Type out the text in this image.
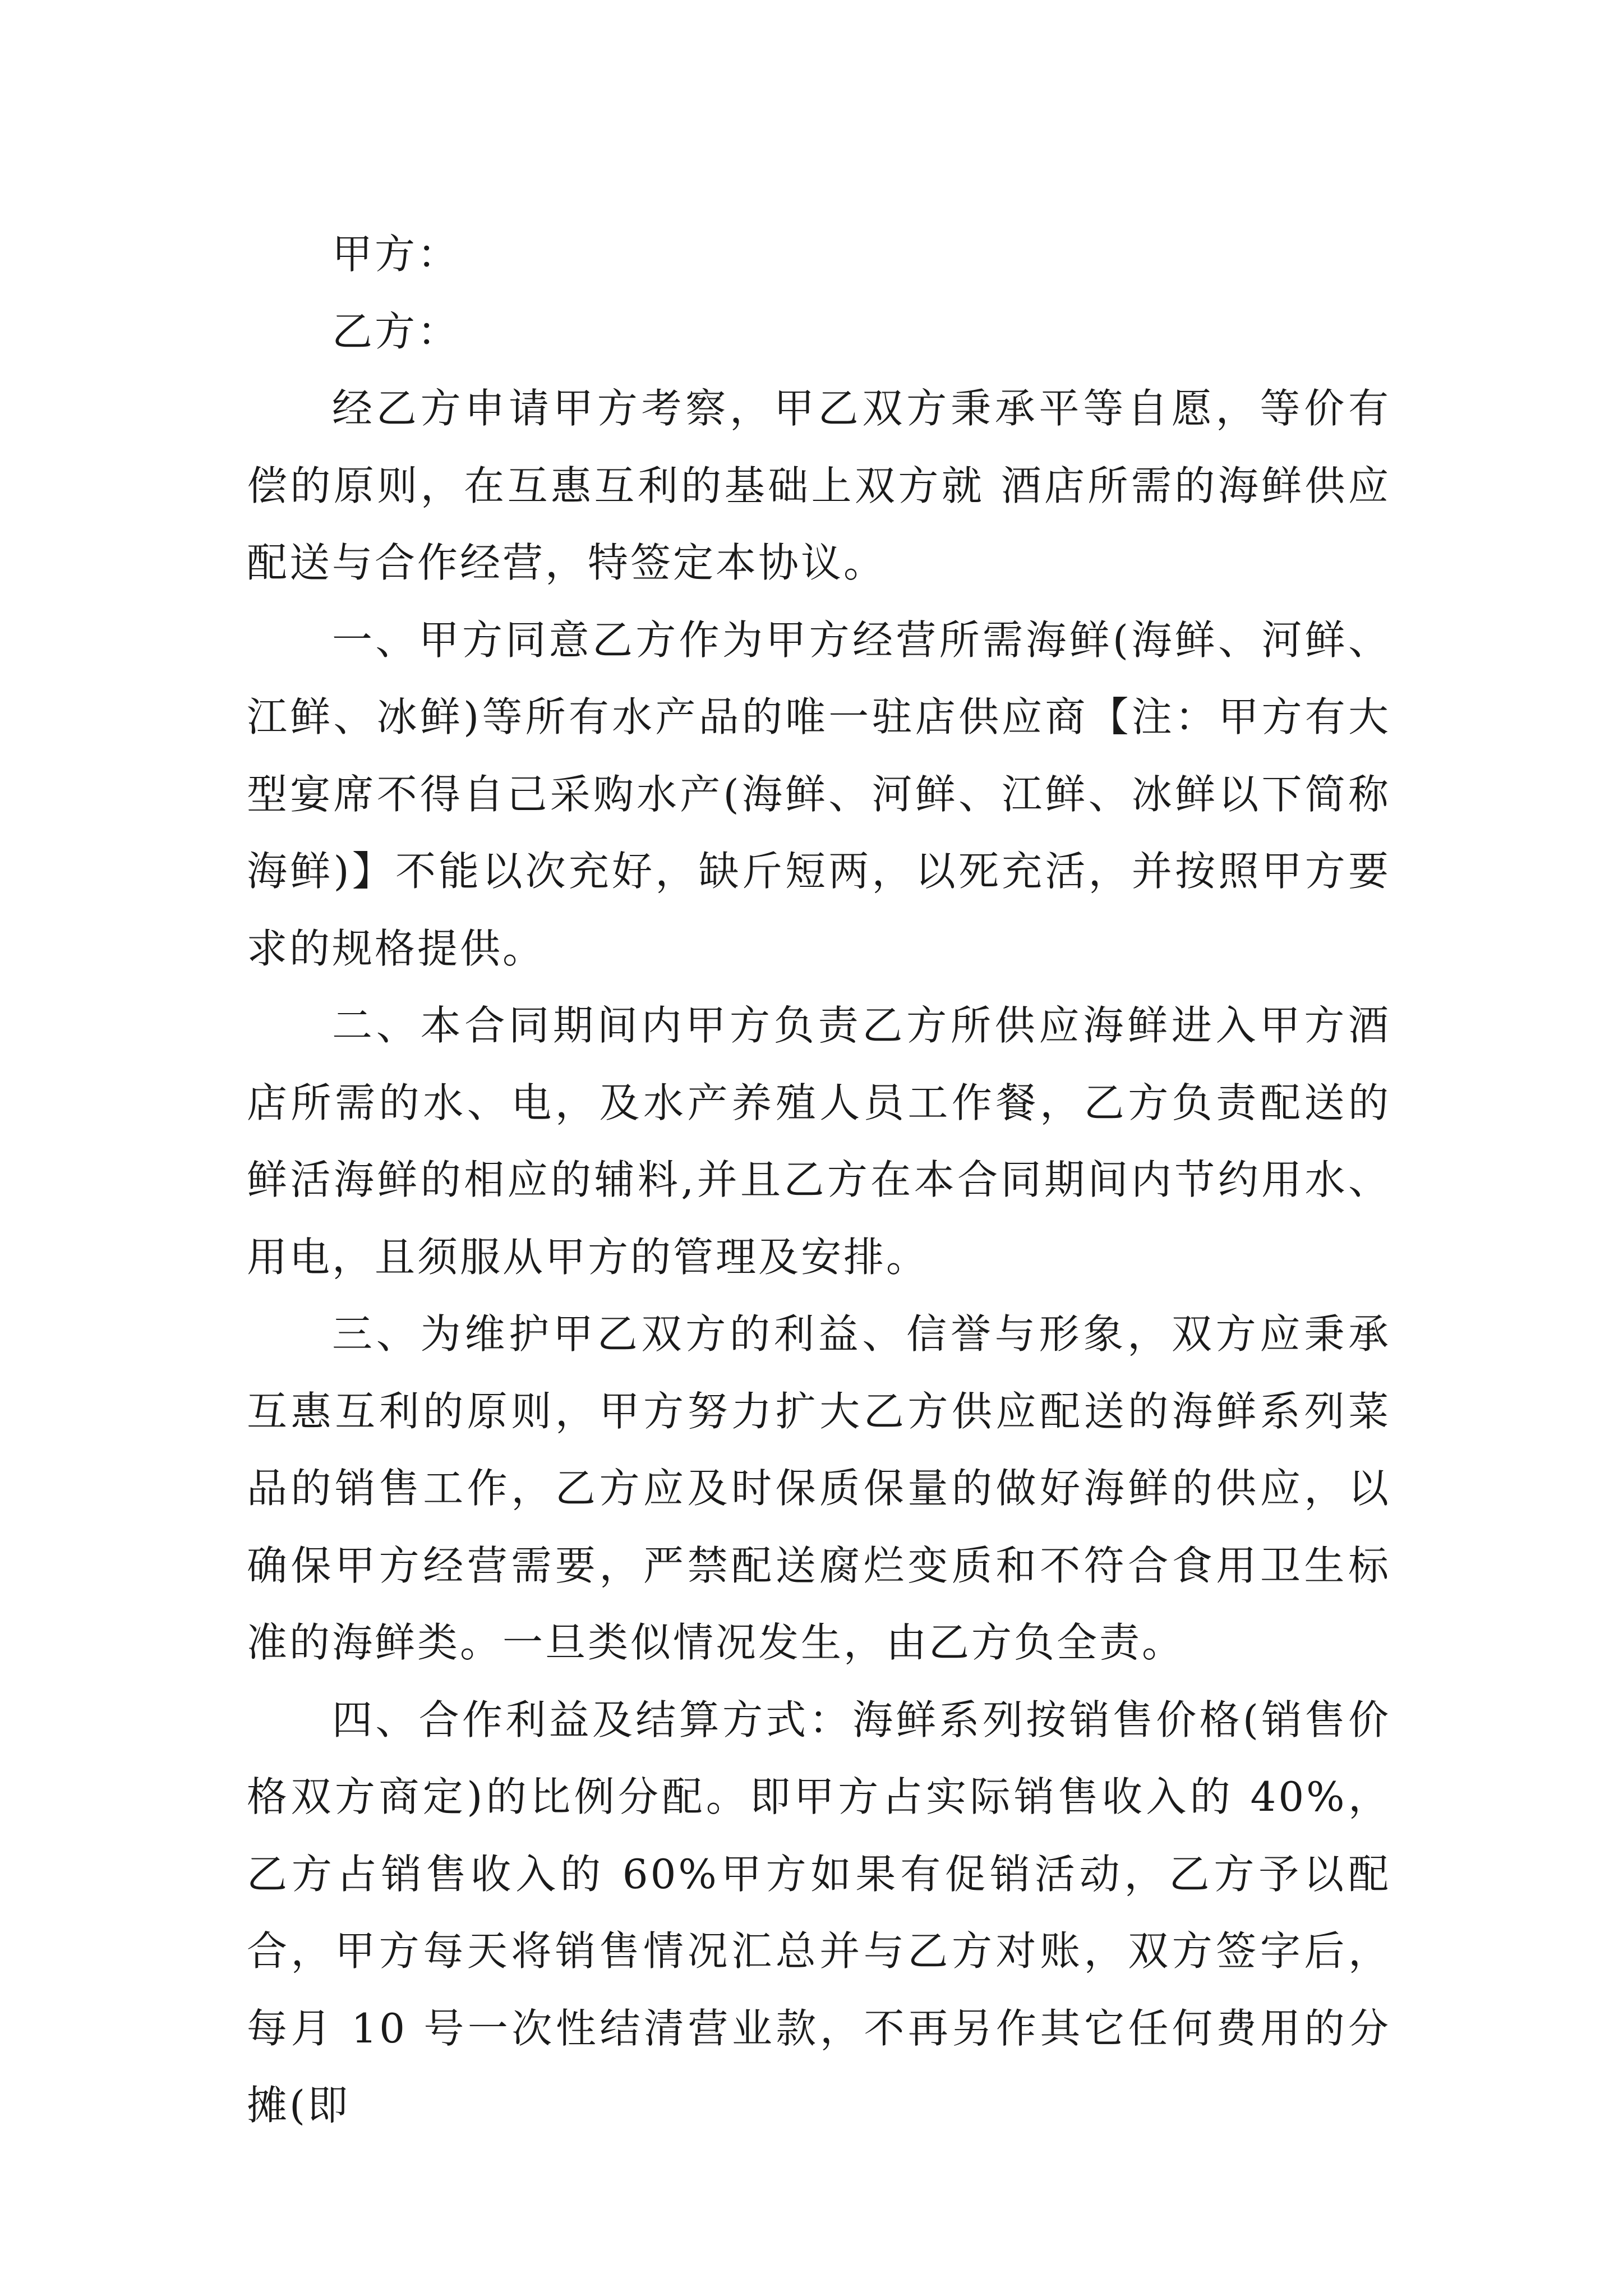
甲方：

乙方：

经乙方申请甲方考察，甲乙双方秉承平等自愿，等价有偿的原则，在互惠互利的基础上双方就 酒店所需的海鲜供应配送与合作经营，特签定本协议。

一、甲方同意乙方作为甲方经营所需海鲜(海鲜、河鲜、江鲜、冰鲜)等所有水产品的唯一驻店供应商【注：甲方有大型宴席不得自己采购水产(海鲜、河鲜、江鲜、冰鲜以下简称海鲜)】不能以次充好，缺斤短两，以死充活，并按照甲方要求的规格提供。

二、本合同期间内甲方负责乙方所供应海鲜进入甲方酒店所需的水、电，及水产养殖人员工作餐，乙方负责配送的鲜活海鲜的相应的辅料,并且乙方在本合同期间内节约用水、用电，且须服从甲方的管理及安排。

三、为维护甲乙双方的利益、信誉与形象，双方应秉承互惠互利的原则，甲方努力扩大乙方供应配送的海鲜系列菜品的销售工作，乙方应及时保质保量的做好海鲜的供应，以确保甲方经营需要，严禁配送腐烂变质和不符合食用卫生标准的海鲜类。一旦类似情况发生，由乙方负全责。

四、合作利益及结算方式：海鲜系列按销售价格(销售价格双方商定)的比例分配。即甲方占实际销售收入的 40%，乙方占销售收入的 60%甲方如果有促销活动，乙方予以配合，甲方每天将销售情况汇总并与乙方对账，双方签字后，每月 10 号一次性结清营业款，不再另作其它任何费用的分摊(即
